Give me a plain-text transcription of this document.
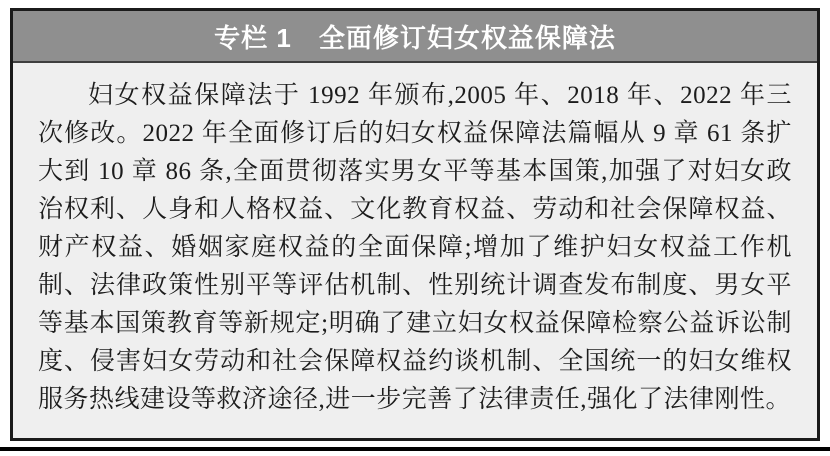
专栏 1　全面修订妇女权益保障法

妇女权益保障法于 1992 年颁布,2005 年、2018 年、2022 年三次修改。2022 年全面修订后的妇女权益保障法篇幅从 9 章 61 条扩大到 10 章 86 条,全面贯彻落实男女平等基本国策,加强了对妇女政治权利、人身和人格权益、文化教育权益、劳动和社会保障权益、财产权益、婚姻家庭权益的全面保障;增加了维护妇女权益工作机制、法律政策性别平等评估机制、性别统计调查发布制度、男女平等基本国策教育等新规定;明确了建立妇女权益保障检察公益诉讼制度、侵害妇女劳动和社会保障权益约谈机制、全国统一的妇女维权服务热线建设等救济途径,进一步完善了法律责任,强化了法律刚性。
